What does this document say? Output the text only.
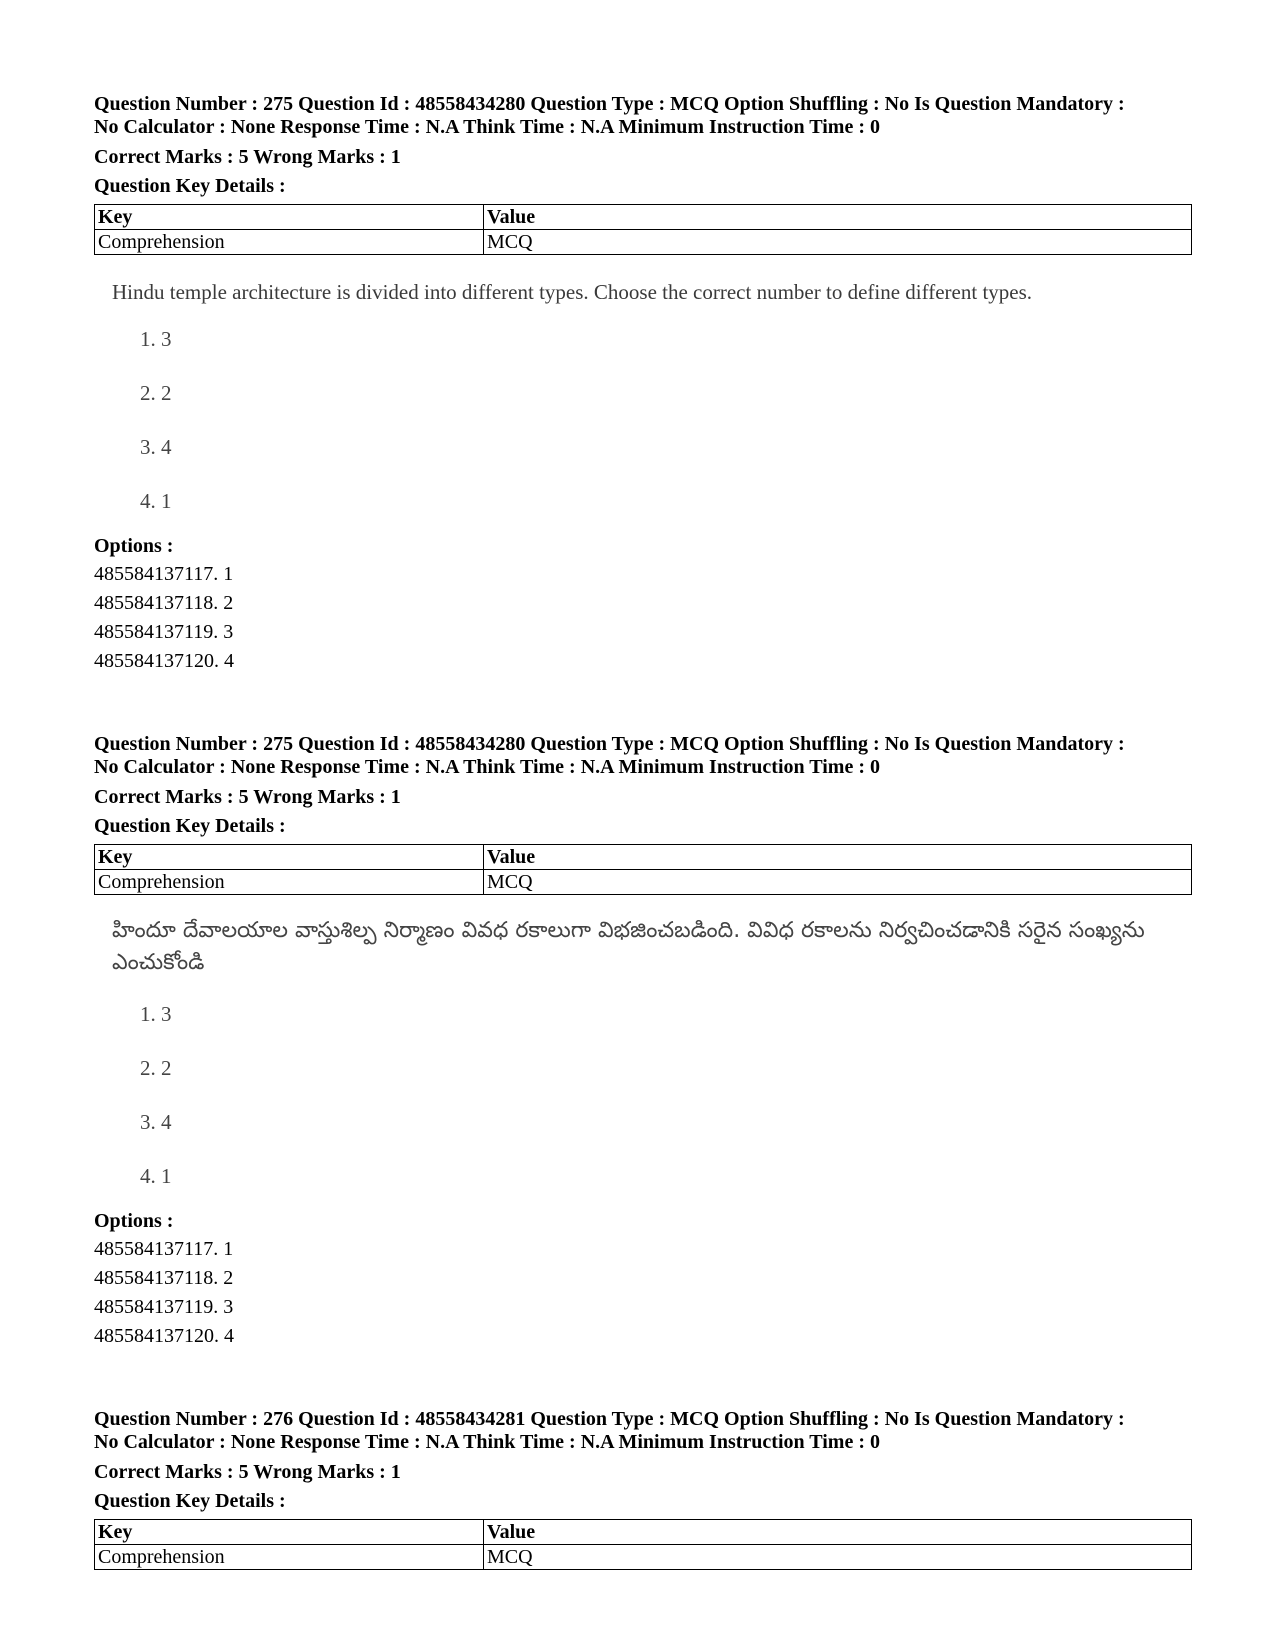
Question Number : 275 Question Id : 48558434280 Question Type : MCQ Option Shuffling : No Is Question Mandatory :

No Calculator : None Response Time : N.A Think Time : N.A Minimum Instruction Time : 0

Correct Marks : 5 Wrong Marks : 1
Question Key Details :
Key	Value
Comprehension	MCQ
Hindu temple architecture is divided into different types. Choose the correct number to define different types.
1. 3
2. 2
3. 4
4. 1
Options :
485584137117. 1
485584137118. 2
485584137119. 3
485584137120. 4

Question Number : 275 Question Id : 48558434280 Question Type : MCQ Option Shuffling : No Is Question Mandatory :

No Calculator : None Response Time : N.A Think Time : N.A Minimum Instruction Time : 0

Correct Marks : 5 Wrong Marks : 1
Question Key Details :
Key	Value
Comprehension	MCQ
హిందూ దేవాలయాల వాస్తుశిల్ప నిర్మాణం వివధ రకాలుగా విభజించబడింది. వివిధ రకాలను నిర్వచించడానికి సరైన సంఖ్యను ఎంచుకోండి
1. 3
2. 2
3. 4
4. 1
Options :
485584137117. 1
485584137118. 2
485584137119. 3
485584137120. 4

Question Number : 276 Question Id : 48558434281 Question Type : MCQ Option Shuffling : No Is Question Mandatory :

No Calculator : None Response Time : N.A Think Time : N.A Minimum Instruction Time : 0

Correct Marks : 5 Wrong Marks : 1
Question Key Details :
Key	Value
Comprehension	MCQ
